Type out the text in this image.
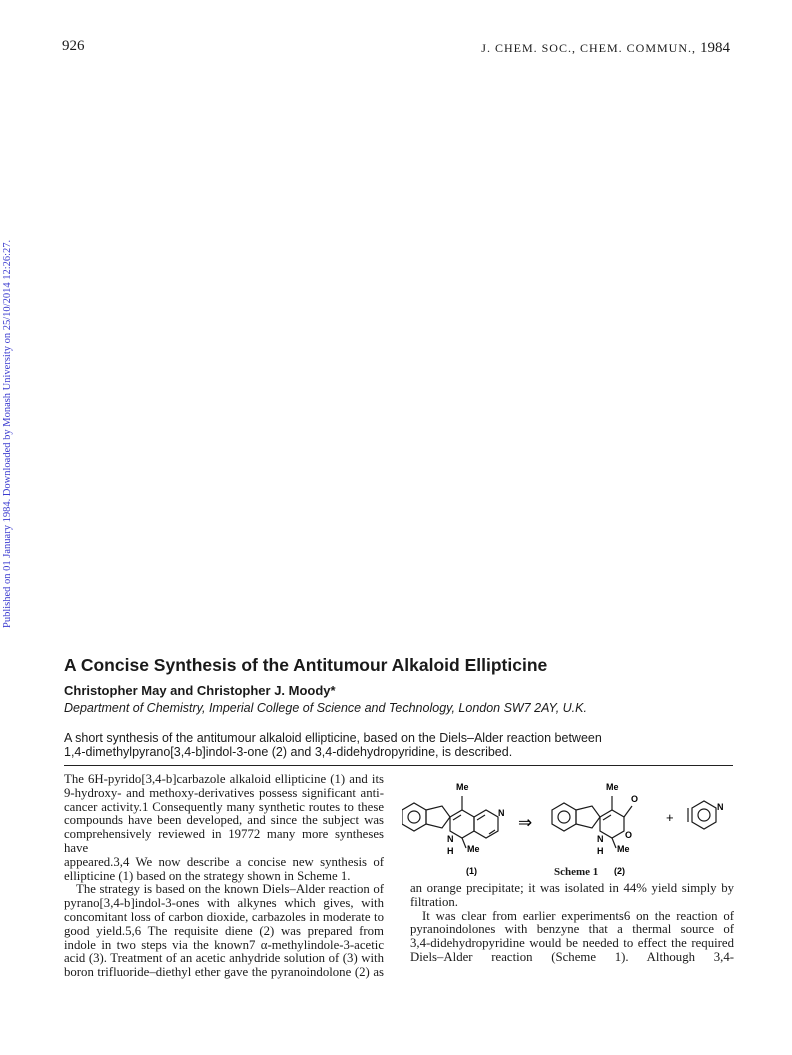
926	J. CHEM. SOC., CHEM. COMMUN., 1984
Published on 01 January 1984. Downloaded by Monash University on 25/10/2014 12:26:27.
A Concise Synthesis of the Antitumour Alkaloid Ellipticine
Christopher May and Christopher J. Moody*
Department of Chemistry, Imperial College of Science and Technology, London SW7 2AY, U.K.
A short synthesis of the antitumour alkaloid ellipticine, based on the Diels–Alder reaction between
1,4-dimethylpyrano[3,4-b]indol-3-one (2) and 3,4-didehydropyridine, is described.

The 6H-pyrido[3,4-b]carbazole alkaloid ellipticine (1) and its

9-hydroxy- and methoxy-derivatives possess significant anti-

cancer activity.1 Consequently many synthetic routes to these

compounds have been developed, and since the subject was

comprehensively reviewed in 19772 many more syntheses have

appeared.3,4 We now describe a concise new synthesis of

ellipticine (1) based on the strategy shown in Scheme 1.

The strategy is based on the known Diels–Alder reaction of

pyrano[3,4-b]indol-3-ones with alkynes which gives, with

concomitant loss of carbon dioxide, carbazoles in moderate to

good yield.5,6 The requisite diene (2) was prepared from

indole in two steps via the known7 α-methylindole-3-acetic

acid (3). Treatment of an acetic anhydride solution of (3) with

boron trifluoride–diethyl ether gave the pyranoindolone (2) as

Me
Me
N
H
N ⇒
Me
Me
N
H
O
O
+
N
(1)	(2)
Scheme 1

an orange precipitate; it was isolated in 44% yield simply by

filtration.

It was clear from earlier experiments6 on the reaction of

pyranoindolones with benzyne that a thermal source of

3,4-didehydropyridine would be needed to effect the required

Diels–Alder reaction (Scheme 1). Although 3,4-
